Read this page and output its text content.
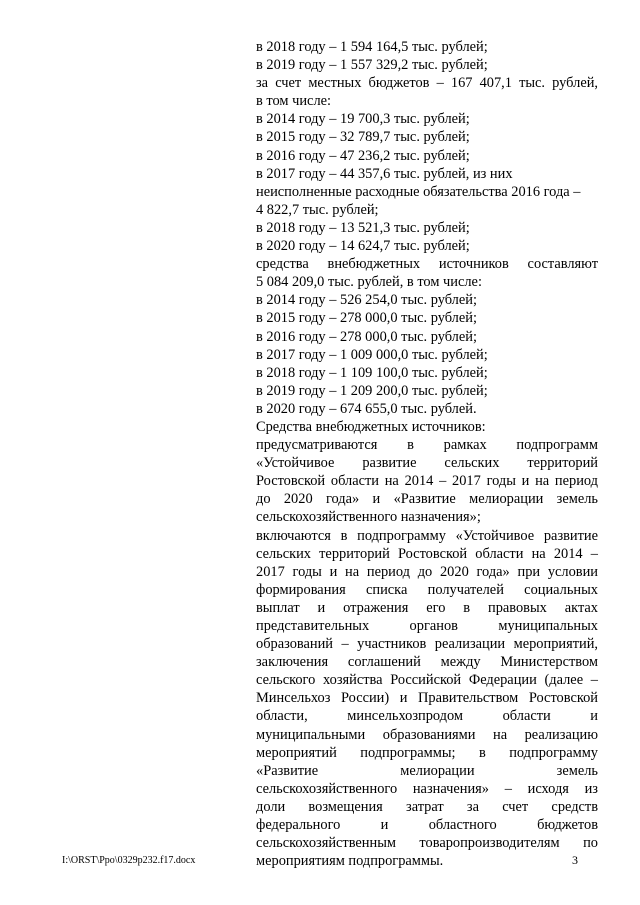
в 2018 году – 1 594 164,5 тыс. рублей;
в 2019 году – 1 557 329,2 тыс. рублей;
за счет местных бюджетов – 167 407,1 тыс. рублей,
в том числе:
в 2014 году – 19 700,3 тыс. рублей;
в 2015 году – 32 789,7 тыс. рублей;
в 2016 году – 47 236,2 тыс. рублей;
в 2017 году – 44 357,6 тыс. рублей, из них
неисполненные расходные обязательства 2016 года –
4 822,7 тыс. рублей;
в 2018 году – 13 521,3 тыс. рублей;
в 2020 году – 14 624,7 тыс. рублей;
средства внебюджетных источников составляют
5 084 209,0 тыс. рублей, в том числе:
в 2014 году – 526 254,0 тыс. рублей;
в 2015 году – 278 000,0 тыс. рублей;
в 2016 году – 278 000,0 тыс. рублей;
в 2017 году – 1 009 000,0 тыс. рублей;
в 2018 году – 1 109 100,0 тыс. рублей;
в 2019 году – 1 209 200,0 тыс. рублей;
в 2020 году – 674 655,0 тыс. рублей.
Средства внебюджетных источников:
предусматриваются в рамках подпрограмм
«Устойчивое развитие сельских территорий
Ростовской области на 2014 – 2017 годы и на период
до 2020 года» и «Развитие мелиорации земель
сельскохозяйственного назначения»;
включаются в подпрограмму «Устойчивое развитие
сельских территорий Ростовской области на 2014 –
2017 годы и на период до 2020 года» при условии
формирования списка получателей социальных
выплат и отражения его в правовых актах
представительных органов муниципальных
образований – участников реализации мероприятий,
заключения соглашений между Министерством
сельского хозяйства Российской Федерации (далее –
Минсельхоз России) и Правительством Ростовской
области, минсельхозпродом области и
муниципальными образованиями на реализацию
мероприятий подпрограммы; в подпрограмму
«Развитие мелиорации земель
сельскохозяйственного назначения» – исходя из
доли возмещения затрат за счет средств
федерального и областного бюджетов
сельскохозяйственным товаропроизводителям по
мероприятиям подпрограммы.
I:\ORST\Ppo\0329p232.f17.docx	3
